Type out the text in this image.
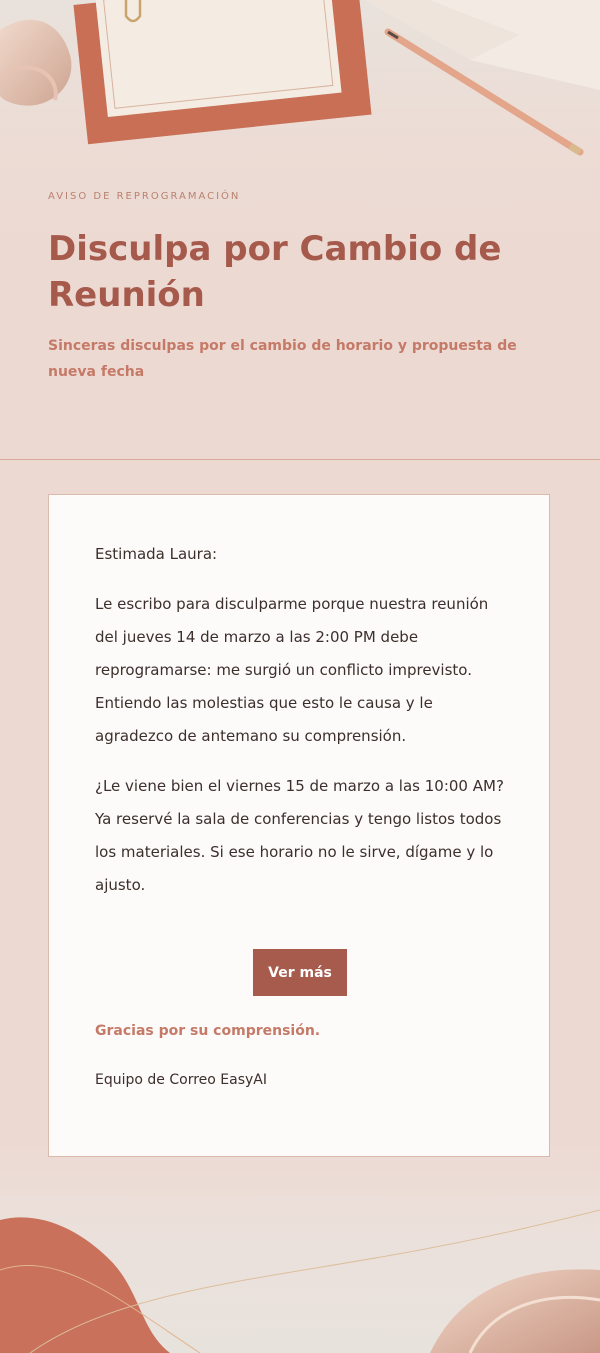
AVISO DE REPROGRAMACIÓN
Disculpa por Cambio de Reunión
Sinceras disculpas por el cambio de horario y propuesta de nueva fecha
Estimada Laura:
Le escribo para disculparme porque nuestra reunión del jueves 14 de marzo a las 2:00 PM debe reprogramarse: me surgió un conflicto imprevisto. Entiendo las molestias que esto le causa y le agradezco de antemano su comprensión.
¿Le viene bien el viernes 15 de marzo a las 10:00 AM? Ya reservé la sala de conferencias y tengo listos todos los materiales. Si ese horario no le sirve, dígame y lo ajusto.
Ver más
Gracias por su comprensión.
Equipo de Correo EasyAI
